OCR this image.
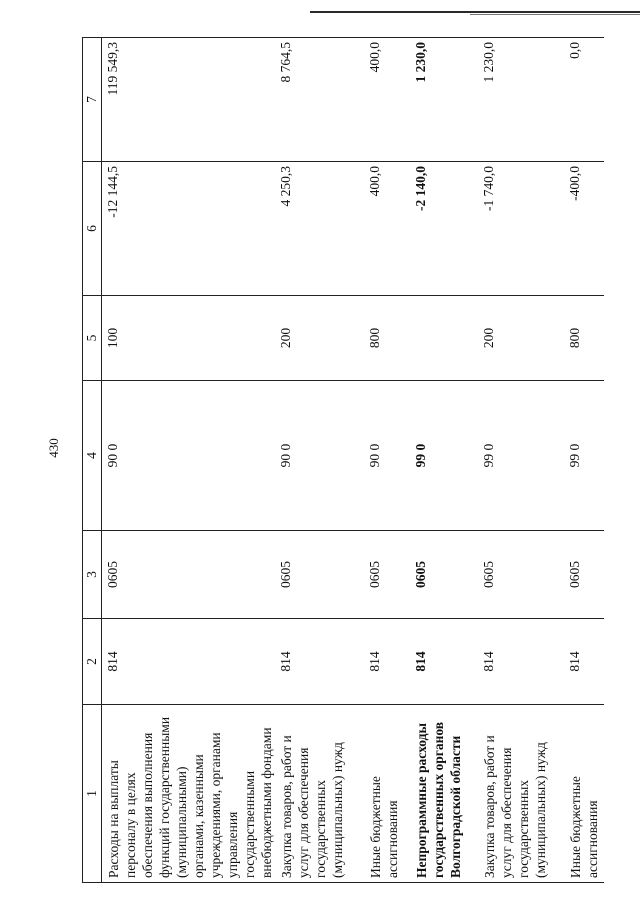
430
1	2	3	4	5	6	7
Расходы на выплаты персоналу в целях обеспечения выполнения функций государственными (муниципальными) органами, казенными учреждениями, органами управления государственными внебюджетными фондами	814	0605	90 0	100	-12 144,5	119 549,3
Закупка товаров, работ и услуг для обеспечения государственных (муниципальных) нужд	814	0605	90 0	200	4 250,3	8 764,5
Иные бюджетные ассигнования	814	0605	90 0	800	400,0	400,0
Непрограммные расходы государственных органов Волгоградской области	814	0605	99 0		-2 140,0	1 230,0
Закупка товаров, работ и услуг для обеспечения государственных (муниципальных) нужд	814	0605	99 0	200	-1 740,0	1 230,0
Иные бюджетные ассигнования	814	0605	99 0	800	-400,0	0,0
